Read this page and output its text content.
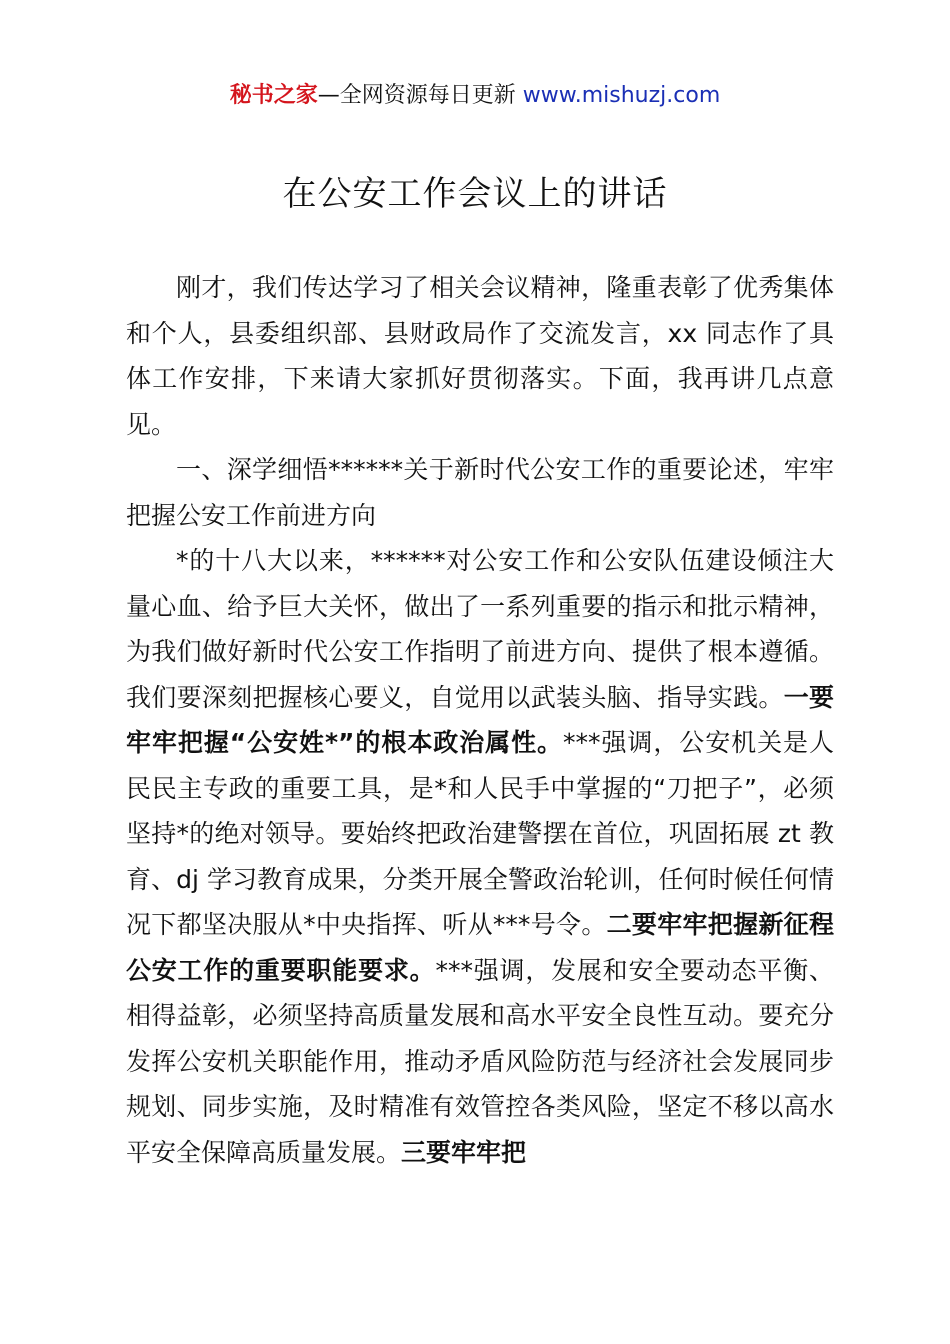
秘书之家—全网资源每日更新 www.mishuzj.com
在公安工作会议上的讲话

刚才，我们传达学习了相关会议精神，隆重表彰了优秀集体和个人，县委组织部、县财政局作了交流发言，xx 同志作了具体工作安排，下来请大家抓好贯彻落实。下面，我再讲几点意见。

一、深学细悟******关于新时代公安工作的重要论述，牢牢把握公安工作前进方向

*的十八大以来，******对公安工作和公安队伍建设倾注大量心血、给予巨大关怀，做出了一系列重要的指示和批示精神，为我们做好新时代公安工作指明了前进方向、提供了根本遵循。我们要深刻把握核心要义，自觉用以武装头脑、指导实践。一要牢牢把握“公安姓*”的根本政治属性。***强调，公安机关是人民民主专政的重要工具，是*和人民手中掌握的“刀把子”，必须坚持*的绝对领导。要始终把政治建警摆在首位，巩固拓展 zt 教育、dj 学习教育成果，分类开展全警政治轮训，任何时候任何情况下都坚决服从*中央指挥、听从***号令。二要牢牢把握新征程公安工作的重要职能要求。***强调，发展和安全要动态平衡、相得益彰，必须坚持高质量发展和高水平安全良性互动。要充分发挥公安机关职能作用，推动矛盾风险防范与经济社会发展同步规划、同步实施，及时精准有效管控各类风险，坚定不移以高水平安全保障高质量发展。三要牢牢把
